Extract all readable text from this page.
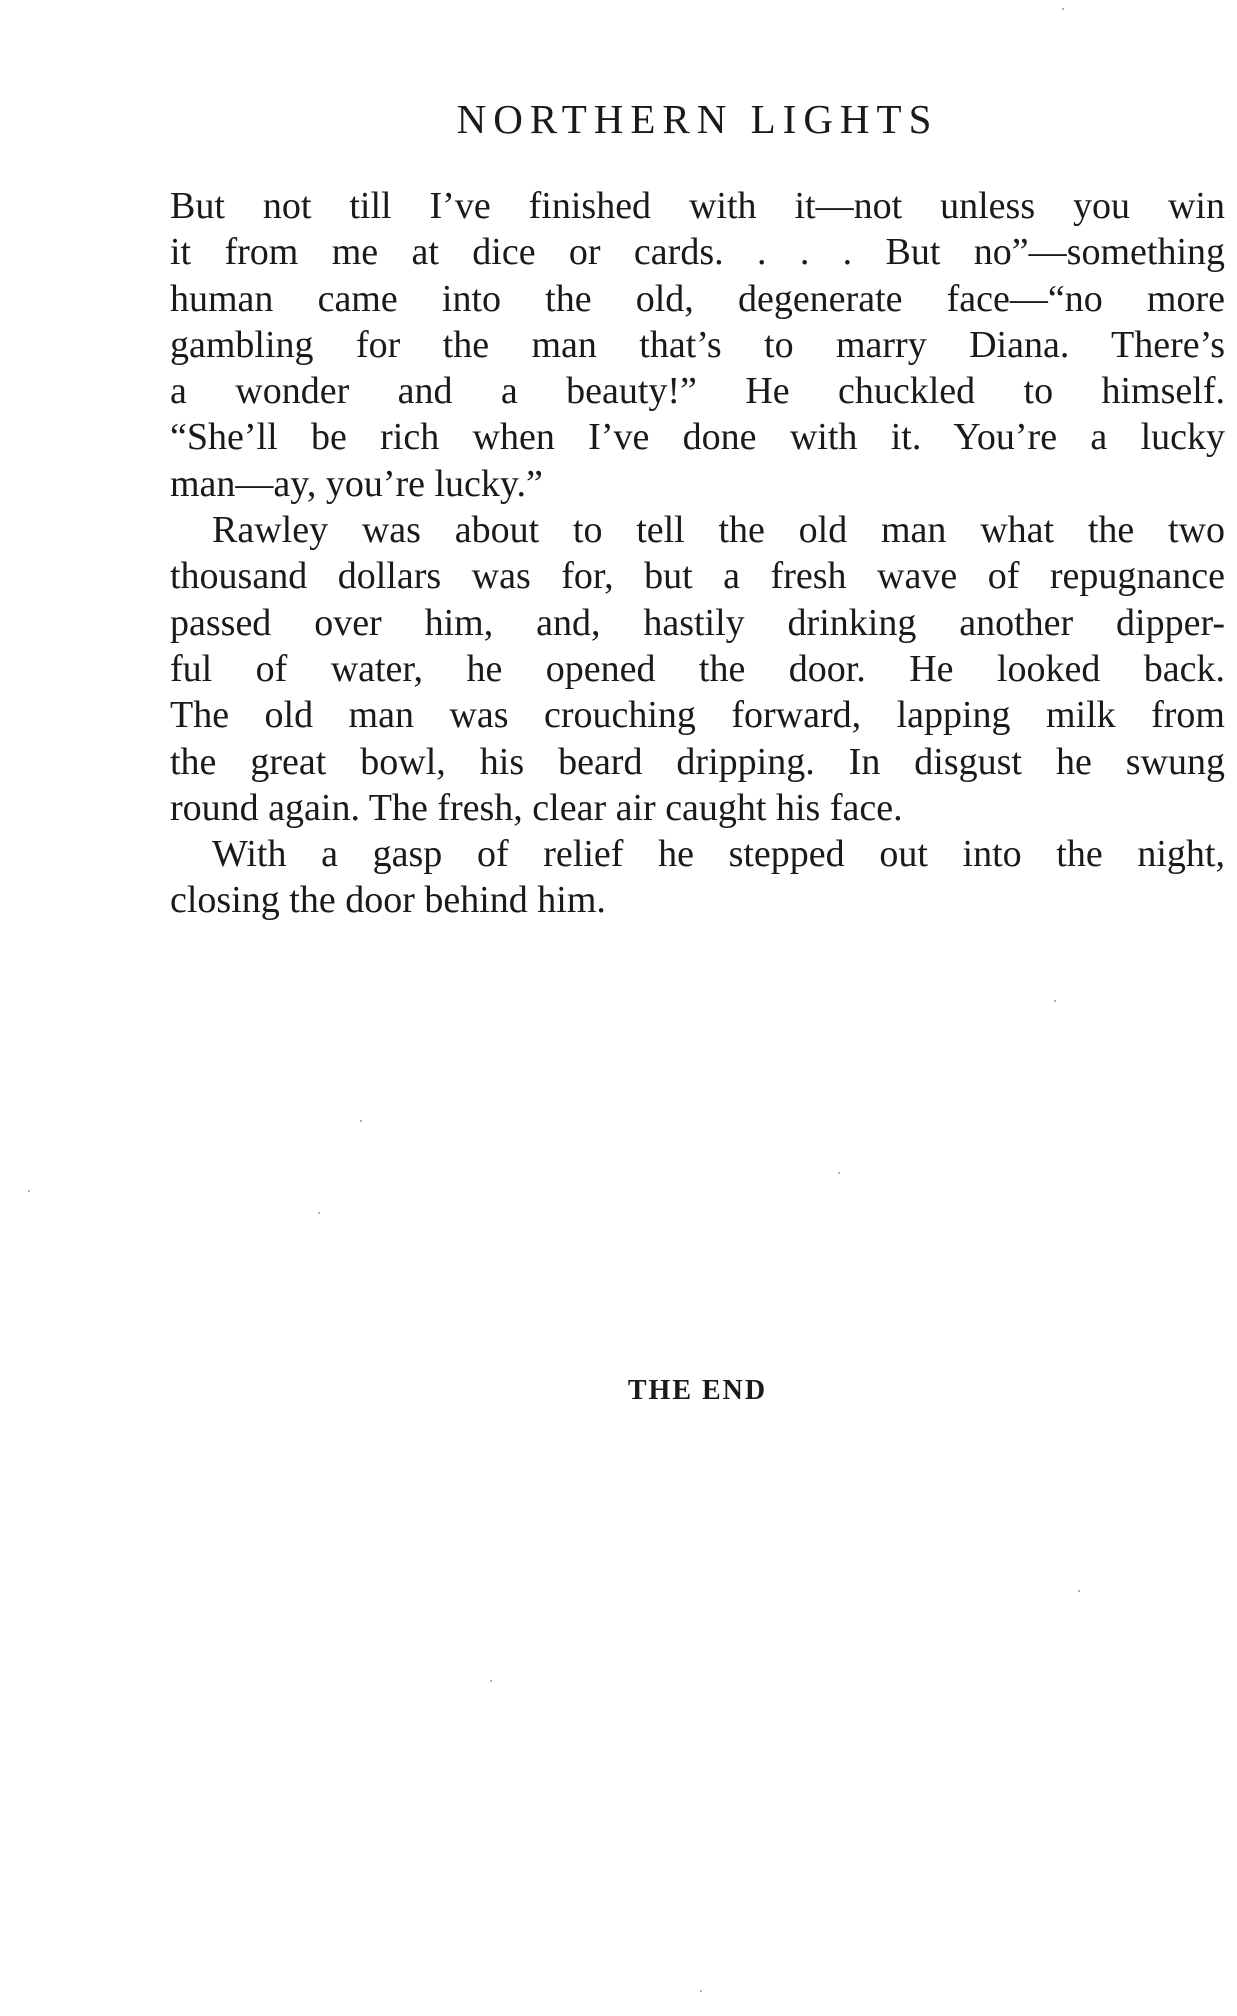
NORTHERN LIGHTS

But not till I’ve finished with it—not unless you win
it from me at dice or cards. . . . But no”—something
human came into the old, degenerate face—“no more
gambling for the man that’s to marry Diana. There’s
a wonder and a beauty!” He chuckled to himself.
“She’ll be rich when I’ve done with it. You’re a lucky
man—ay, you’re lucky.”

Rawley was about to tell the old man what the two
thousand dollars was for, but a fresh wave of repugnance
passed over him, and, hastily drinking another dipper-
ful of water, he opened the door. He looked back.
The old man was crouching forward, lapping milk from
the great bowl, his beard dripping. In disgust he swung
round again. The fresh, clear air caught his face.

With a gasp of relief he stepped out into the night,
closing the door behind him.

THE END
